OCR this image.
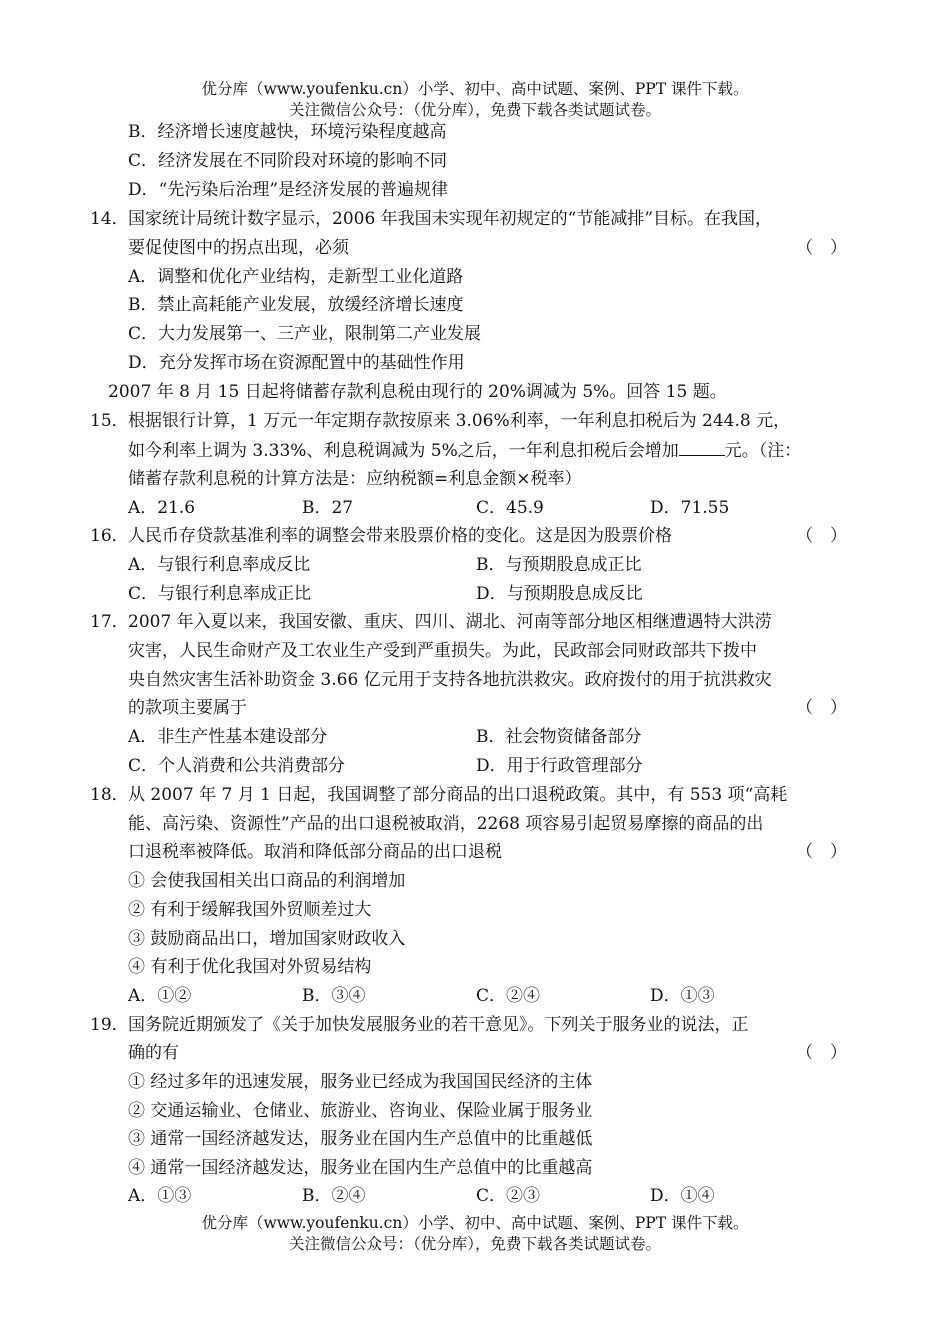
优分库（www.youfenku.cn）小学、初中、高中试题、案例、PPT 课件下载。
关注微信公众号：（优分库），免费下载各类试题试卷。
B．经济增长速度越快，环境污染程度越高
C．经济发展在不同阶段对环境的影响不同
D．“先污染后治理”是经济发展的普遍规律
14． 国家统计局统计数字显示，2006 年我国未实现年初规定的“节能减排”目标。在我国，
要促使图中的拐点出现，必须	（　）
A．调整和优化产业结构，走新型工业化道路
B．禁止高耗能产业发展，放缓经济增长速度
C．大力发展第一、三产业，限制第二产业发展
D．充分发挥市场在资源配置中的基础性作用
2007 年 8 月 15 日起将储蓄存款利息税由现行的 20%调减为 5%。回答 15 题。
15． 根据银行计算，1 万元一年定期存款按原来 3.06%利率，一年利息扣税后为 244.8 元，
如今利率上调为 3.33%、利息税调减为 5%之后，一年利息扣税后会增加	元。（注：
储蓄存款利息税的计算方法是：应纳税额=利息金额×税率）
A．21.6	B．27	C．45.9	D．71.55
16． 人民币存贷款基准利率的调整会带来股票价格的变化。这是因为股票价格	（　）
A．与银行利息率成反比	B．与预期股息成正比
C．与银行利息率成正比	D．与预期股息成反比
17． 2007 年入夏以来，我国安徽、重庆、四川、湖北、河南等部分地区相继遭遇特大洪涝
灾害，人民生命财产及工农业生产受到严重损失。为此，民政部会同财政部共下拨中
央自然灾害生活补助资金 3.66 亿元用于支持各地抗洪救灾。政府拨付的用于抗洪救灾
的款项主要属于	（　）
A．非生产性基本建设部分	B．社会物资储备部分
C．个人消费和公共消费部分	D．用于行政管理部分
18． 从 2007 年 7 月 1 日起，我国调整了部分商品的出口退税政策。其中，有 553 项“高耗
能、高污染、资源性”产品的出口退税被取消，2268 项容易引起贸易摩擦的商品的出
口退税率被降低。取消和降低部分商品的出口退税	（　）
① 会使我国相关出口商品的利润增加
② 有利于缓解我国外贸顺差过大
③ 鼓励商品出口，增加国家财政收入
④ 有利于优化我国对外贸易结构
A．①②	B．③④	C．②④	D．①③
19． 国务院近期颁发了《关于加快发展服务业的若干意见》。下列关于服务业的说法，正
确的有	（　）
① 经过多年的迅速发展，服务业已经成为我国国民经济的主体
② 交通运输业、仓储业、旅游业、咨询业、保险业属于服务业
③ 通常一国经济越发达，服务业在国内生产总值中的比重越低
④ 通常一国经济越发达，服务业在国内生产总值中的比重越高
A．①③	B．②④	C．②③	D．①④
优分库（www.youfenku.cn）小学、初中、高中试题、案例、PPT 课件下载。
关注微信公众号：（优分库），免费下载各类试题试卷。
